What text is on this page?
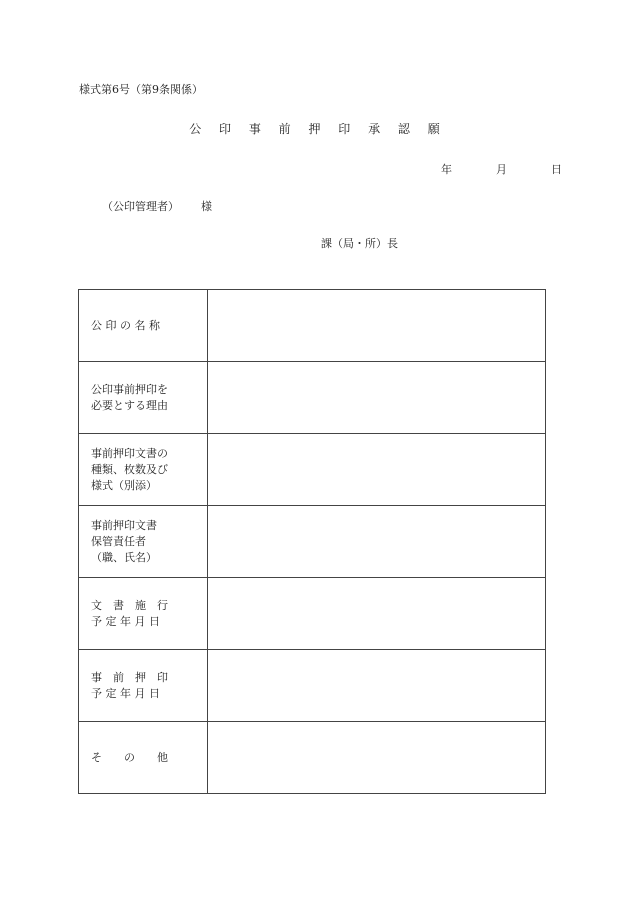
様式第6号（第9条関係）
公 印 事 前 押 印 承 認 願
年	月	日
（公印管理者） 様
課（局・所）長
公 印 の 名 称	

公印事前押印を
必要とする理由	

事前押印文書の
種類、枚数及び
様式（別添）	

事前押印文書
保管責任者
（職、氏名）	

文　書　施　行
予 定 年 月 日	

事　前　押　印
予 定 年 月 日	

そ　　の　　他	
